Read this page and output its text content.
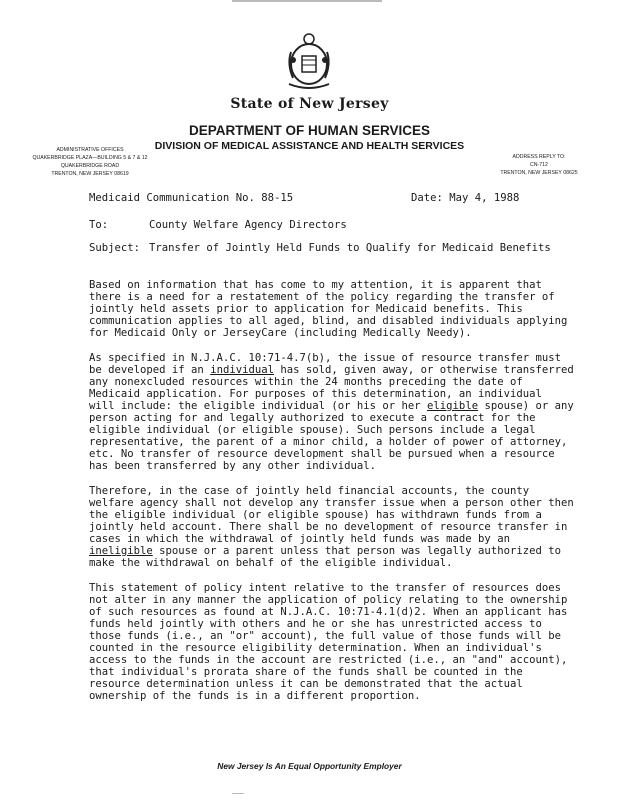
State of New Jersey
DEPARTMENT OF HUMAN SERVICES
DIVISION OF MEDICAL ASSISTANCE AND HEALTH SERVICES
ADMINISTRATIVE OFFICES
QUAKERBRIDGE PLAZA—BUILDING 5 & 7 & 12
QUAKERBRIDGE ROAD
TRENTON, NEW JERSEY 08619
ADDRESS REPLY TO:
CN-712
TRENTON, NEW JERSEY 08625
Medicaid Communication No. 88-15	Date: May 4, 1988
To:	County Welfare Agency Directors
Subject: Transfer of Jointly Held Funds to Qualify for Medicaid Benefits
Based on information that has come to my attention, it is apparent that
there is a need for a restatement of the policy regarding the transfer of
jointly held assets prior to application for Medicaid benefits. This
communication applies to all aged, blind, and disabled individuals applying
for Medicaid Only or JerseyCare (including Medically Needy).
As specified in N.J.A.C. 10:71-4.7(b), the issue of resource transfer must
be developed if an individual has sold, given away, or otherwise transferred
any nonexcluded resources within the 24 months preceding the date of
Medicaid application. For purposes of this determination, an individual
will include: the eligible individual (or his or her eligible spouse) or any
person acting for and legally authorized to execute a contract for the
eligible individual (or eligible spouse). Such persons include a legal
representative, the parent of a minor child, a holder of power of attorney,
etc. No transfer of resource development shall be pursued when a resource
has been transferred by any other individual.
Therefore, in the case of jointly held financial accounts, the county
welfare agency shall not develop any transfer issue when a person other then
the eligible individual (or eligible spouse) has withdrawn funds from a
jointly held account. There shall be no development of resource transfer in
cases in which the withdrawal of jointly held funds was made by an
ineligible spouse or a parent unless that person was legally authorized to
make the withdrawal on behalf of the eligible individual.
This statement of policy intent relative to the transfer of resources does
not alter in any manner the application of policy relating to the ownership
of such resources as found at N.J.A.C. 10:71-4.1(d)2. When an applicant has
funds held jointly with others and he or she has unrestricted access to
those funds (i.e., an "or" account), the full value of those funds will be
counted in the resource eligibility determination. When an individual's
access to the funds in the account are restricted (i.e., an "and" account),
that individual's prorata share of the funds shall be counted in the
resource determination unless it can be demonstrated that the actual
ownership of the funds is in a different proportion.
New Jersey Is An Equal Opportunity Employer
